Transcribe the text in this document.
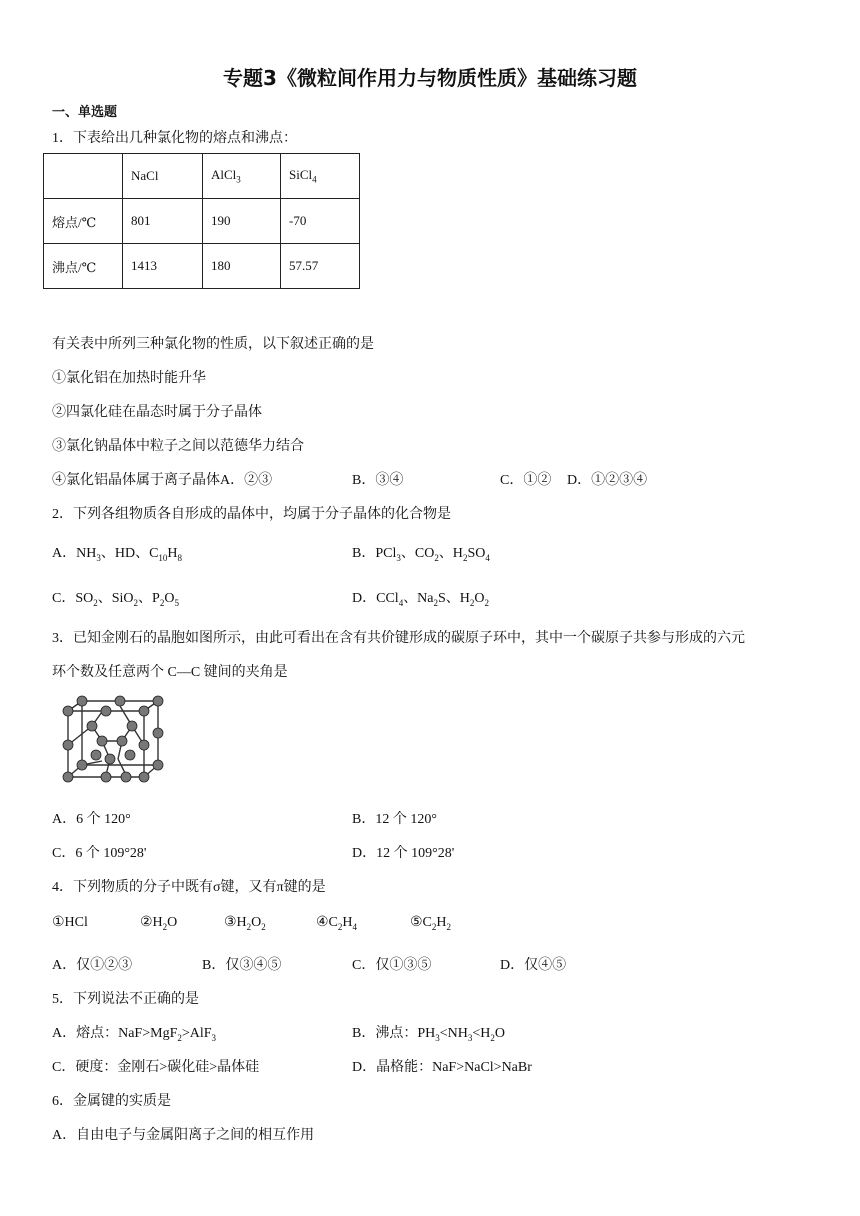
专题3《微粒间作用力与物质性质》基础练习题
一、单选题
1．下表给出几种氯化物的熔点和沸点：
	NaCl	AlCl$_3$	SiCl$_4$
熔点/℃	801	190	-70
沸点/℃	1413	180	57.57
有关表中所列三种氯化物的性质，以下叙述正确的是
①氯化铝在加热时能升华
②四氯化硅在晶态时属于分子晶体
③氯化钠晶体中粒子之间以范德华力结合
④氯化铝晶体属于离子晶体 A．②③	B．③④	C．①② D．①②③④
2．下列各组物质各自形成的晶体中，均属于分子晶体的化合物是
A．$NH_3$、HD、$C_{10}H_8$	B．PCl$_3$、$CO_2$、$H_2SO_4$
C．$SO_2$、SiO$_2$、$P_2O_5$	D．CCl$_4$、$Na_2S$、$H_2O_2$
3．已知金刚石的晶胞如图所示，由此可看出在含有共价键形成的碳原子环中，其中一个碳原子共参与形成的六元
环个数及任意两个 C—C 键间的夹角是
A．6 个 120°	B．12 个 120°
C．6 个 109°28'	D．12 个 109°28'
4．下列物质的分子中既有σ键，又有π键的是
①HCl	$②H_2O$	$③H_2O_2$	$④C_2H_4$	$⑤C_2H_2$
A．仅①②③	B．仅③④⑤	C．仅①③⑤	D．仅④⑤
5．下列说法不正确的是
A．熔点：NaF>MgF$_2$>AlF$_3$	B．沸点：$PH_3<NH_3<H_2O$
C．硬度：金刚石>碳化硅>晶体硅	D．晶格能：NaF>NaCl>NaBr
6．金属键的实质是
A．自由电子与金属阳离子之间的相互作用
